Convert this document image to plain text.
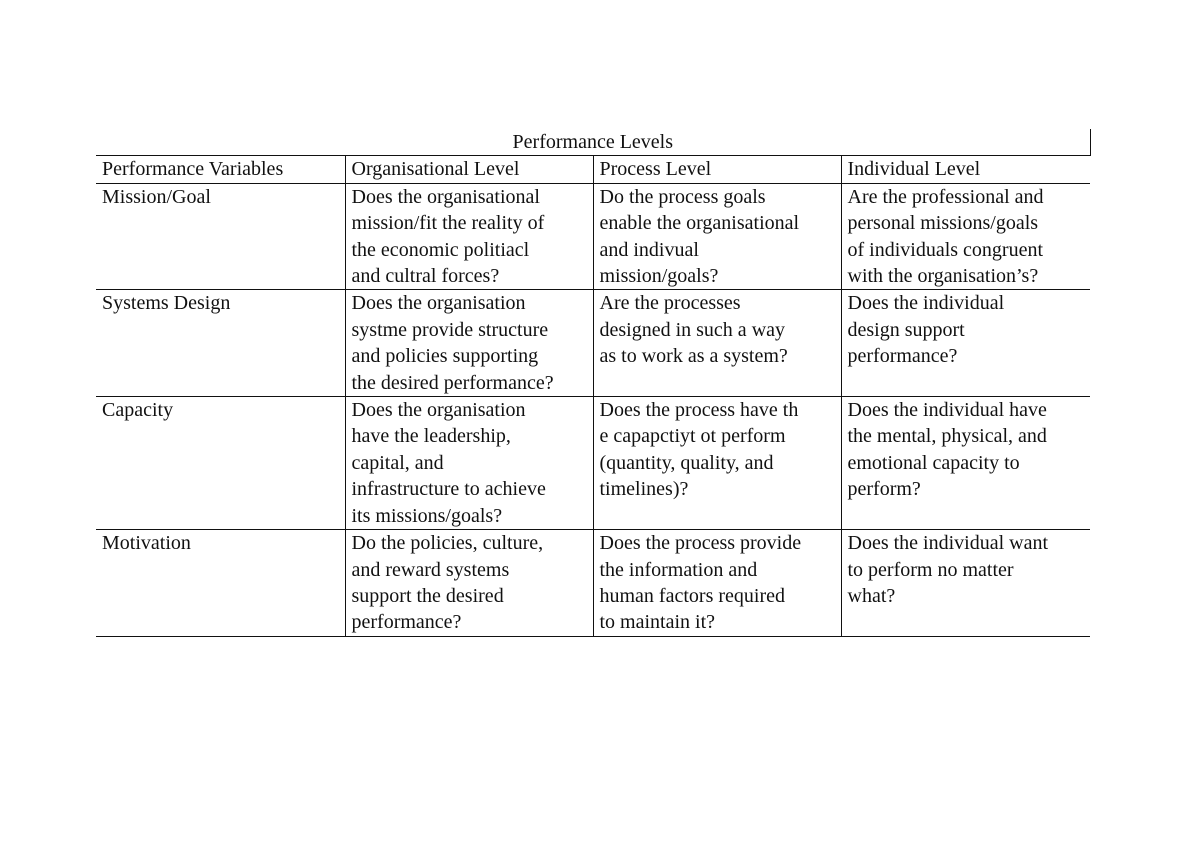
Performance Levels			
Performance Variables	Organisational Level	Process Level	Individual Level
Mission/Goal	Does the organisational
mission/fit the reality of
the economic politiacl
and cultral forces?	Do the process goals
enable the organisational
and indivual
mission/goals?	Are the professional and
personal missions/goals
of individuals congruent
with the organisation’s?
Systems Design	Does the organisation
systme provide structure
and policies supporting
the desired performance?	Are the processes
designed in such a way
as to work as a system?	Does the individual
design support
performance?
Capacity	Does the organisation
have the leadership,
capital, and
infrastructure to achieve
its missions/goals?	Does the process have th
e capapctiyt ot perform
(quantity, quality, and
timelines)?	Does the individual have
the mental, physical, and
emotional capacity to
perform?
Motivation	Do the policies, culture,
and reward systems
support the desired
performance?	Does the process provide
the information and
human factors required
to maintain it?	Does the individual want
to perform no matter
what?
